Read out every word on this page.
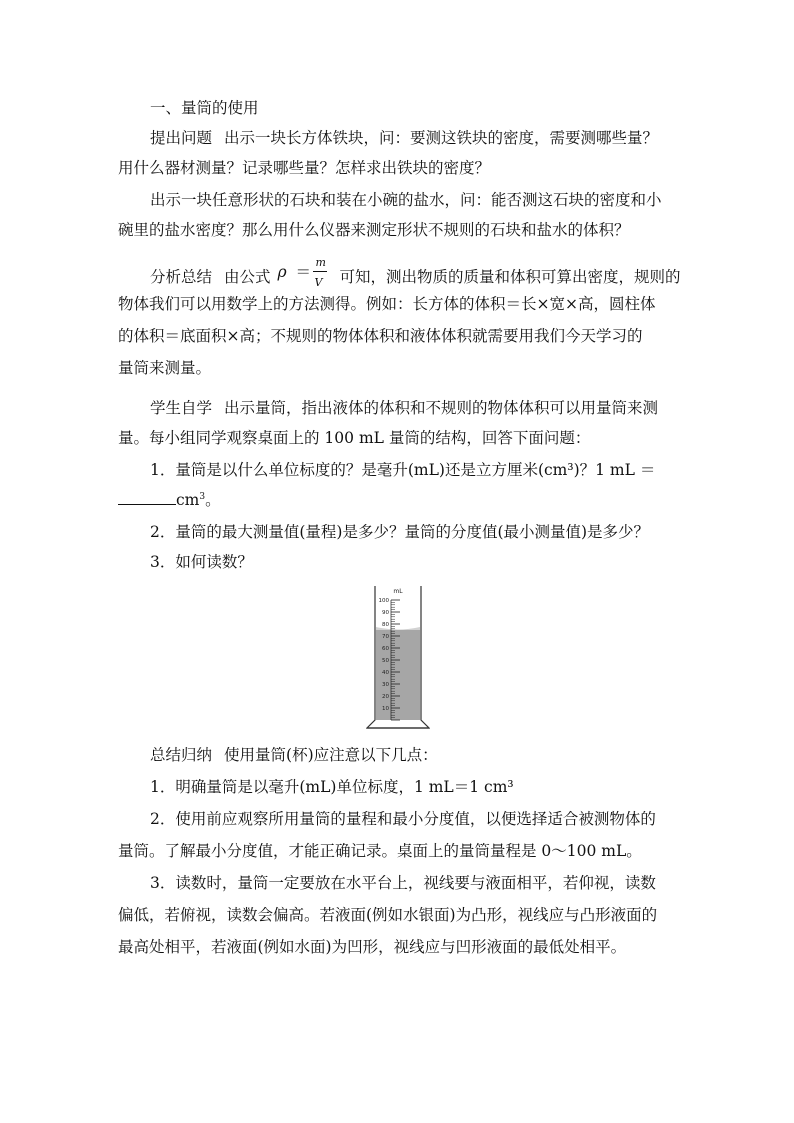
一、量筒的使用
提出问题 出示一块长方体铁块，问：要测这铁块的密度，需要测哪些量？
用什么器材测量？记录哪些量？怎样求出铁块的密度？
出示一块任意形状的石块和装在小碗的盐水，问：能否测这石块的密度和小
碗里的盐水密度？那么用什么仪器来测定形状不规则的石块和盐水的体积？
分析总结 由公式 ρ ＝
m
V 可知，测出物质的质量和体积可算出密度，规则的
物体我们可以用数学上的方法测得。例如：长方体的体积＝长×宽×高，圆柱体
的体积＝底面积×高；不规则的物体体积和液体体积就需要用我们今天学习的
量筒来测量。
学生自学 出示量筒，指出液体的体积和不规则的物体体积可以用量筒来测
量。每小组同学观察桌面上的 100 mL 量筒的结构，回答下面问题：
1．量筒是以什么单位标度的？是毫升(mL)还是立方厘米(cm³)？1 mL ＝
$cm^3$。
2．量筒的最大测量值(量程)是多少？量筒的分度值(最小测量值)是多少？
3．如何读数？
mL
100
90
80
70
60
50
40
30
20
10
总结归纳 使用量筒(杯)应注意以下几点：
1．明确量筒是以毫升(mL)单位标度，1 mL＝1 cm³
2．使用前应观察所用量筒的量程和最小分度值，以便选择适合被测物体的
量筒。了解最小分度值，才能正确记录。桌面上的量筒量程是 0～100 mL。
3．读数时，量筒一定要放在水平台上，视线要与液面相平，若仰视，读数
偏低，若俯视，读数会偏高。若液面(例如水银面)为凸形，视线应与凸形液面的
最高处相平，若液面(例如水面)为凹形，视线应与凹形液面的最低处相平。
